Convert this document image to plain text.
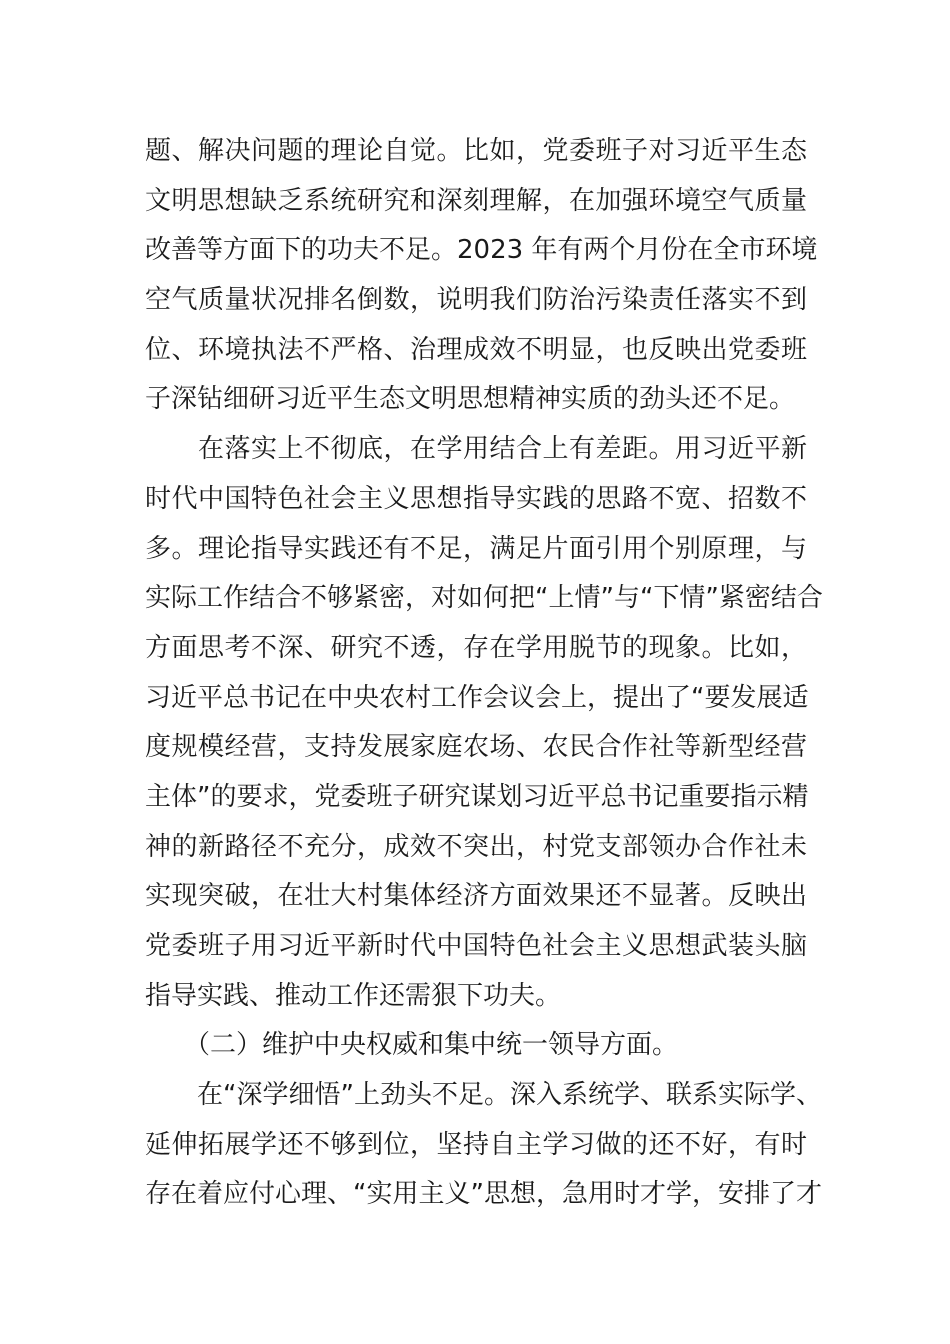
题、解决问题的理论自觉。比如，党委班子对习近平生态
文明思想缺乏系统研究和深刻理解，在加强环境空气质量
改善等方面下的功夫不足。2023 年有两个月份在全市环境
空气质量状况排名倒数，说明我们防治污染责任落实不到
位、环境执法不严格、治理成效不明显，也反映出党委班
子深钻细研习近平生态文明思想精神实质的劲头还不足。
　　在落实上不彻底，在学用结合上有差距。用习近平新
时代中国特色社会主义思想指导实践的思路不宽、招数不
多。理论指导实践还有不足，满足片面引用个别原理，与
实际工作结合不够紧密，对如何把“上情”与“下情”紧密结合
方面思考不深、研究不透，存在学用脱节的现象。比如，
习近平总书记在中央农村工作会议会上，提出了“要发展适
度规模经营，支持发展家庭农场、农民合作社等新型经营
主体”的要求，党委班子研究谋划习近平总书记重要指示精
神的新路径不充分，成效不突出，村党支部领办合作社未
实现突破，在壮大村集体经济方面效果还不显著。反映出
党委班子用习近平新时代中国特色社会主义思想武装头脑
指导实践、推动工作还需狠下功夫。
　　（二）维护中央权威和集中统一领导方面。
　　在“深学细悟”上劲头不足。深入系统学、联系实际学、
延伸拓展学还不够到位，坚持自主学习做的还不好，有时
存在着应付心理、“实用主义”思想，急用时才学，安排了才
